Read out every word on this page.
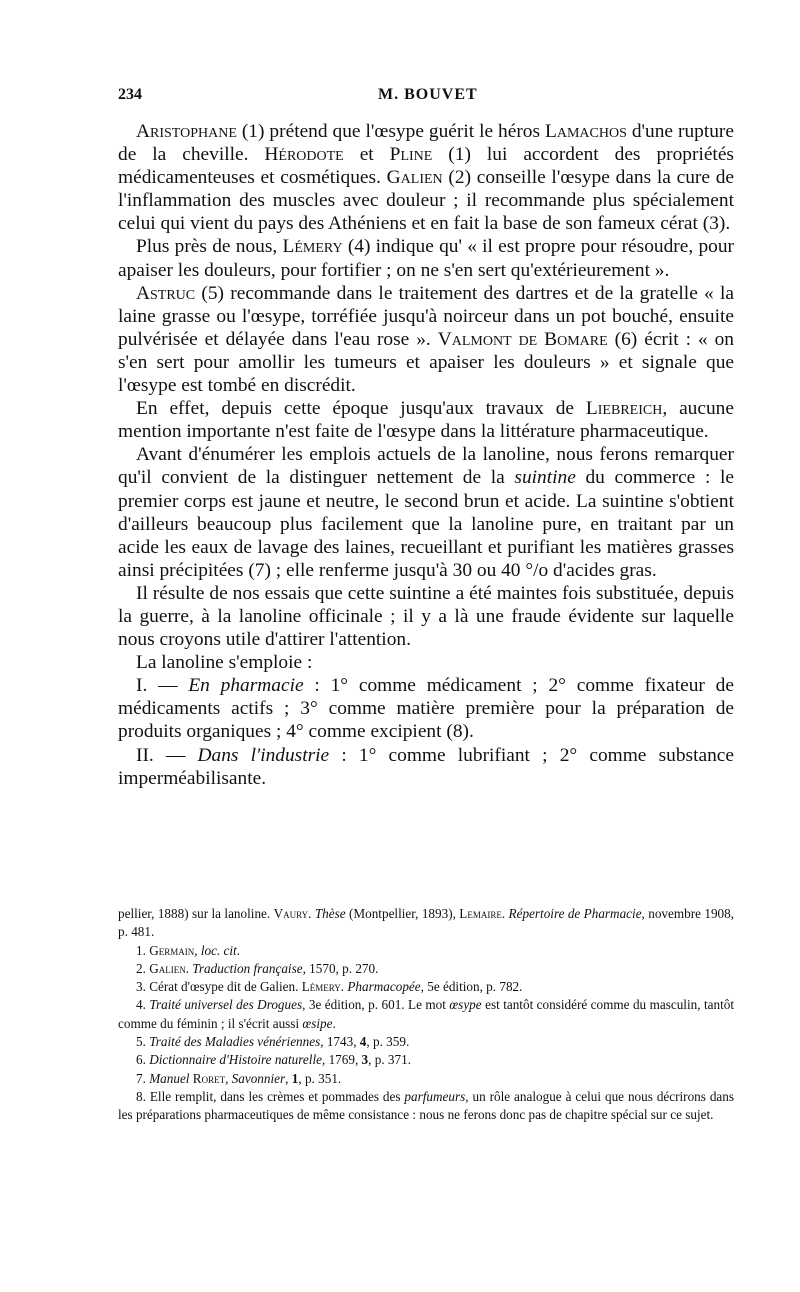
234	M. BOUVET

Aristophane (1) prétend que l'œsype guérit le héros Lamachos d'une rupture de la cheville. Hérodote et Pline (1) lui accordent des propriétés médicamenteuses et cosmétiques. Galien (2) conseille l'œsype dans la cure de l'inflammation des muscles avec douleur ; il recommande plus spécialement celui qui vient du pays des Athéniens et en fait la base de son fameux cérat (3).

Plus près de nous, Lémery (4) indique qu' « il est propre pour résoudre, pour apaiser les douleurs, pour fortifier ; on ne s'en sert qu'extérieurement ».

Astruc (5) recommande dans le traitement des dartres et de la gratelle « la laine grasse ou l'œsype, torréfiée jusqu'à noirceur dans un pot bouché, ensuite pulvérisée et délayée dans l'eau rose ». Valmont de Bomare (6) écrit : « on s'en sert pour amollir les tumeurs et apaiser les douleurs » et signale que l'œsype est tombé en discrédit.

En effet, depuis cette époque jusqu'aux travaux de Liebreich, aucune mention importante n'est faite de l'œsype dans la littérature pharmaceutique.

Avant d'énumérer les emplois actuels de la lanoline, nous ferons remarquer qu'il convient de la distinguer nettement de la suintine du commerce : le premier corps est jaune et neutre, le second brun et acide. La suintine s'obtient d'ailleurs beaucoup plus facilement que la lanoline pure, en traitant par un acide les eaux de lavage des laines, recueillant et purifiant les matières grasses ainsi précipitées (7) ; elle renferme jusqu'à 30 ou 40 °/o d'acides gras.

Il résulte de nos essais que cette suintine a été maintes fois substituée, depuis la guerre, à la lanoline officinale ; il y a là une fraude évidente sur laquelle nous croyons utile d'attirer l'attention.

La lanoline s'emploie :

I. — En pharmacie : 1° comme médicament ; 2° comme fixateur de médicaments actifs ; 3° comme matière première pour la préparation de produits organiques ; 4° comme excipient (8).

II. — Dans l'industrie : 1° comme lubrifiant ; 2° comme substance imperméabilisante.

pellier, 1888) sur la lanoline. Vaury. Thèse (Montpellier, 1893), Lemaire. Répertoire de Pharmacie, novembre 1908, p. 481.

1. Germain, loc. cit.

2. Galien. Traduction française, 1570, p. 270.

3. Cérat d'œsype dit de Galien. Lémery. Pharmacopée, 5e édition, p. 782.

4. Traité universel des Drogues, 3e édition, p. 601. Le mot œsype est tantôt considéré comme du masculin, tantôt comme du féminin ; il s'écrit aussi œsipe.

5. Traité des Maladies vénériennes, 1743, 4, p. 359.

6. Dictionnaire d'Histoire naturelle, 1769, 3, p. 371.

7. Manuel Roret, Savonnier, 1, p. 351.

8. Elle remplit, dans les crèmes et pommades des parfumeurs, un rôle analogue à celui que nous décrirons dans les préparations pharmaceutiques de même consistance : nous ne ferons donc pas de chapitre spécial sur ce sujet.
